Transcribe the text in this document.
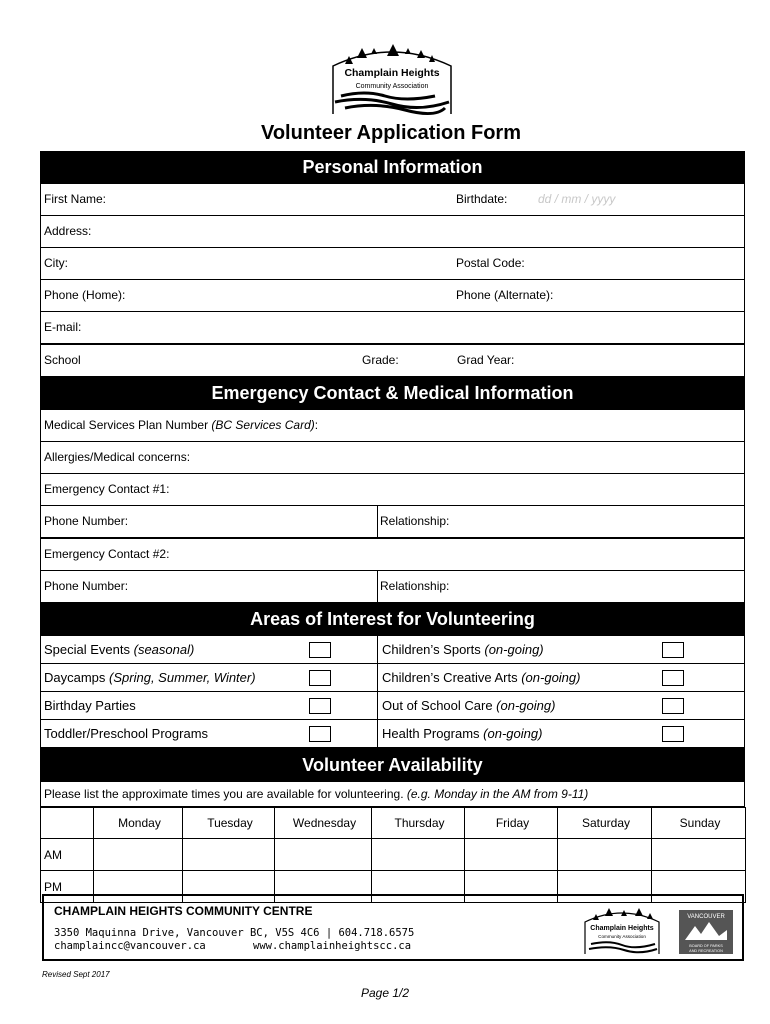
Champlain Heights
Community Association
Volunteer Application Form
Personal Information
First Name:	Birthdate:	dd / mm / yyyy
Address:
City:	Postal Code:
Phone (Home):	Phone (Alternate):
E-mail:
School	Grade:	Grad Year:
Emergency Contact & Medical Information
Medical Services Plan Number (BC Services Card):
Allergies/Medical concerns:
Emergency Contact #1:
Phone Number:	Relationship:
Emergency Contact #2:
Phone Number:	Relationship:
Areas of Interest for Volunteering
Special Events (seasonal)	Children’s Sports (on-going)
Daycamps (Spring, Summer, Winter)	Children’s Creative Arts (on-going)
Birthday Parties	Out of School Care (on-going)
Toddler/Preschool Programs	Health Programs (on-going)
Volunteer Availability
Please list the approximate times you are available for volunteering. (e.g. Monday in the AM from 9-11)
	Monday	Tuesday	Wednesday	Thursday	Friday	Saturday	Sunday
AM							
PM							
CHAMPLAIN HEIGHTS COMMUNITY CENTRE
3350 Maquinna Drive, Vancouver BC, V5S 4C6 | 604.718.6575
champlaincc@vancouver.ca	www.champlainheightscc.ca
Champlain Heights
Community Association
VANCOUVER
BOARD OF PARKS
AND RECREATION
Revised Sept 2017
Page 1/2
